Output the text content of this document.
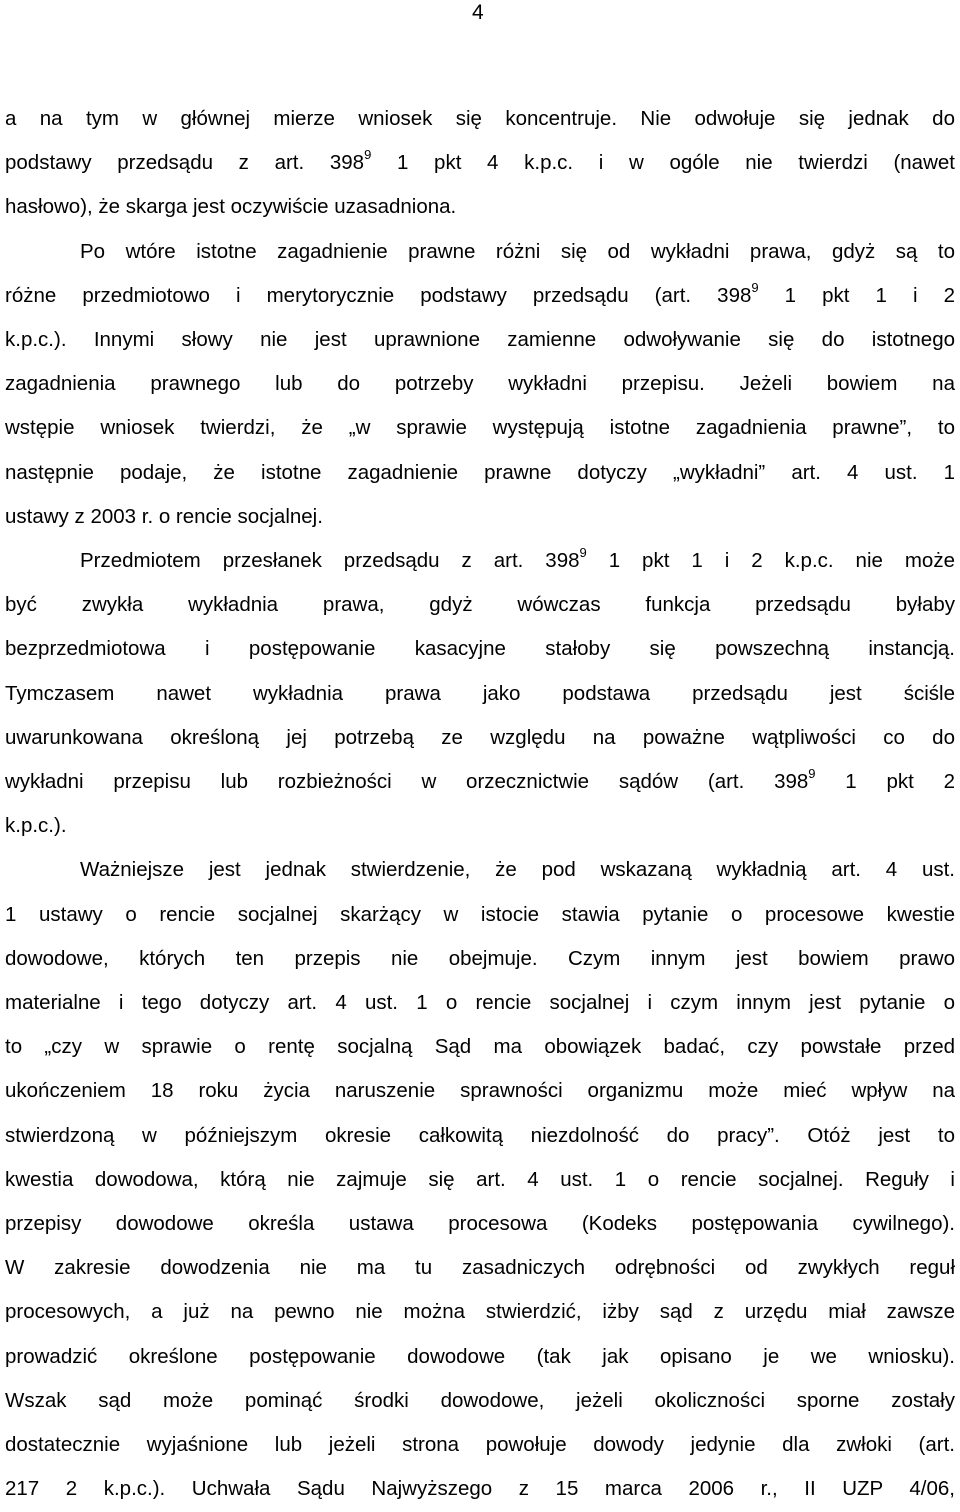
4

a na tym w głównej mierze wniosek się koncentruje. Nie odwołuje się jednak do
podstawy przedsądu z art. $398^9$ 1 pkt 4 k.p.c. i w ogóle nie twierdzi (nawet
hasłowo), że skarga jest oczywiście uzasadniona.

Po wtóre istotne zagadnienie prawne różni się od wykładni prawa, gdyż są to
różne przedmiotowo i merytorycznie podstawy przedsądu (art. $398^9$ 1 pkt 1 i 2
k.p.c.). Innymi słowy nie jest uprawnione zamienne odwoływanie się do istotnego
zagadnienia prawnego lub do potrzeby wykładni przepisu. Jeżeli bowiem na
wstępie wniosek twierdzi, że „w sprawie występują istotne zagadnienia prawne”, to
następnie podaje, że istotne zagadnienie prawne dotyczy „wykładni” art. 4 ust. 1
ustawy z 2003 r. o rencie socjalnej.

Przedmiotem przesłanek przedsądu z art. $398^9$ 1 pkt 1 i 2 k.p.c. nie może
być zwykła wykładnia prawa, gdyż wówczas funkcja przedsądu byłaby
bezprzedmiotowa i postępowanie kasacyjne stałoby się powszechną instancją.
Tymczasem nawet wykładnia prawa jako podstawa przedsądu jest ściśle
uwarunkowana określoną jej potrzebą ze względu na poważne wątpliwości co do
wykładni przepisu lub rozbieżności w orzecznictwie sądów (art. $398^9$ 1 pkt 2
k.p.c.).

Ważniejsze jest jednak stwierdzenie, że pod wskazaną wykładnią art. 4 ust.
1 ustawy o rencie socjalnej skarżący w istocie stawia pytanie o procesowe kwestie
dowodowe, których ten przepis nie obejmuje. Czym innym jest bowiem prawo
materialne i tego dotyczy art. 4 ust. 1 o rencie socjalnej i czym innym jest pytanie o
to „czy w sprawie o rentę socjalną Sąd ma obowiązek badać, czy powstałe przed
ukończeniem 18 roku życia naruszenie sprawności organizmu może mieć wpływ na
stwierdzoną w późniejszym okresie całkowitą niezdolność do pracy”. Otóż jest to
kwestia dowodowa, którą nie zajmuje się art. 4 ust. 1 o rencie socjalnej. Reguły i
przepisy dowodowe określa ustawa procesowa (Kodeks postępowania cywilnego).
W zakresie dowodzenia nie ma tu zasadniczych odrębności od zwykłych reguł
procesowych, a już na pewno nie można stwierdzić, iżby sąd z urzędu miał zawsze
prowadzić określone postępowanie dowodowe (tak jak opisano je we wniosku).
Wszak sąd może pominąć środki dowodowe, jeżeli okoliczności sporne zostały
dostatecznie wyjaśnione lub jeżeli strona powołuje dowody jedynie dla zwłoki (art.
217 2 k.p.c.). Uchwała Sądu Najwyższego z 15 marca 2006 r., II UZP 4/06,
